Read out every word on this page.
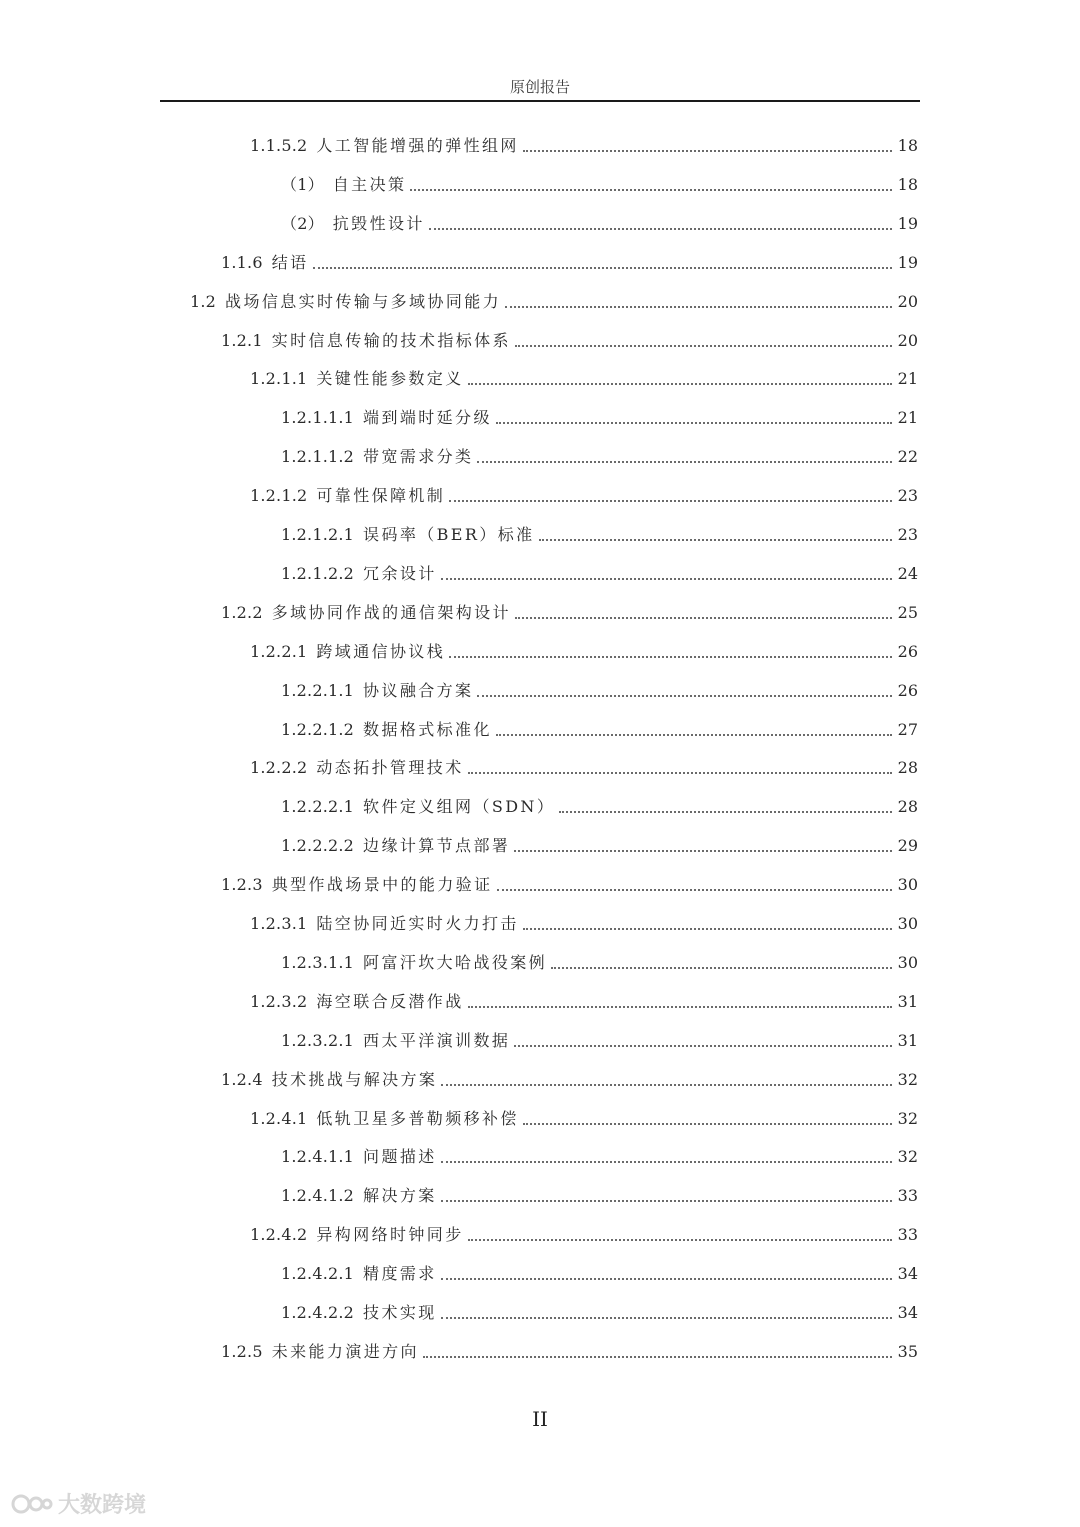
原创报告
1.1.5.2 人工智能增强的弹性组网	18
（1） 自主决策	18
（2） 抗毁性设计	19
1.1.6 结语	19
1.2 战场信息实时传输与多域协同能力	20
1.2.1 实时信息传输的技术指标体系	20
1.2.1.1 关键性能参数定义	21
1.2.1.1.1 端到端时延分级	21
1.2.1.1.2 带宽需求分类	22
1.2.1.2 可靠性保障机制	23
1.2.1.2.1 误码率（BER）标准	23
1.2.1.2.2 冗余设计	24
1.2.2 多域协同作战的通信架构设计	25
1.2.2.1 跨域通信协议栈	26
1.2.2.1.1 协议融合方案	26
1.2.2.1.2 数据格式标准化	27
1.2.2.2 动态拓扑管理技术	28
1.2.2.2.1 软件定义组网（SDN）	28
1.2.2.2.2 边缘计算节点部署	29
1.2.3 典型作战场景中的能力验证	30
1.2.3.1 陆空协同近实时火力打击	30
1.2.3.1.1 阿富汗坎大哈战役案例	30
1.2.3.2 海空联合反潜作战	31
1.2.3.2.1 西太平洋演训数据	31
1.2.4 技术挑战与解决方案	32
1.2.4.1 低轨卫星多普勒频移补偿	32
1.2.4.1.1 问题描述	32
1.2.4.1.2 解决方案	33
1.2.4.2 异构网络时钟同步	33
1.2.4.2.1 精度需求	34
1.2.4.2.2 技术实现	34
1.2.5 未来能力演进方向	35
II
大数跨境
